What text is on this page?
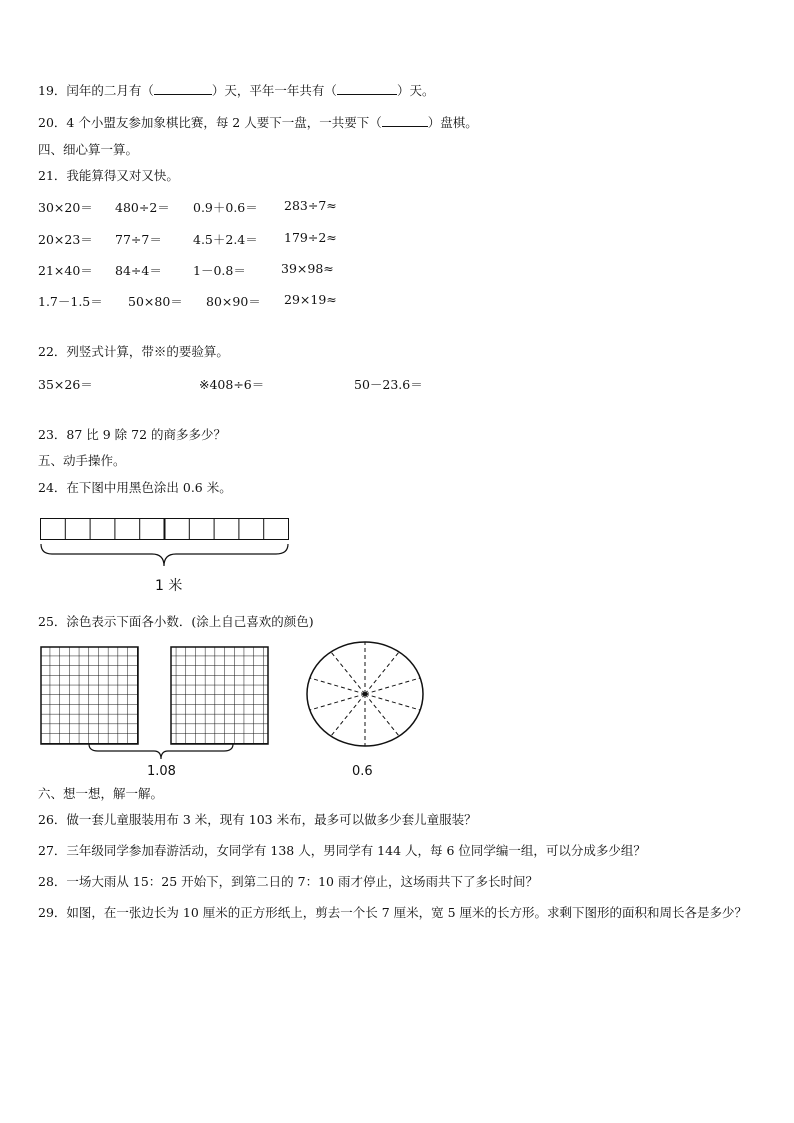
19．闰年的二月有（	）天，平年一年共有（	）天。
20．4 个小盟友参加象棋比赛，每 2 人要下一盘，一共要下（	）盘棋。
四、细心算一算。
21．我能算得又对又快。
30×20＝ 480÷2＝ 0.9＋0.6＝ 283÷7≈
20×23＝ 77÷7＝ 4.5＋2.4＝ 179÷2≈
21×40＝ 84÷4＝ 1－0.8＝	39×98≈
1.7－1.5＝ 50×80＝ 80×90＝ 29×19≈
22．列竖式计算，带※的要验算。
35×26＝	※408÷6＝	50－23.6＝
23．87 比 9 除 72 的商多多少？
五、动手操作。
24．在下图中用黑色涂出 0.6 米。
1 米
25．涂色表示下面各小数．(涂上自己喜欢的颜色)
1.08	0.6
六、想一想，解一解。
26．做一套儿童服装用布 3 米，现有 103 米布，最多可以做多少套儿童服装？
27．三年级同学参加春游活动，女同学有 138 人，男同学有 144 人，每 6 位同学编一组，可以分成多少组？
28．一场大雨从 15：25 开始下，到第二日的 7：10 雨才停止，这场雨共下了多长时间？
29．如图，在一张边长为 10 厘米的正方形纸上，剪去一个长 7 厘米，宽 5 厘米的长方形。求剩下图形的面积和周长各是多少？
